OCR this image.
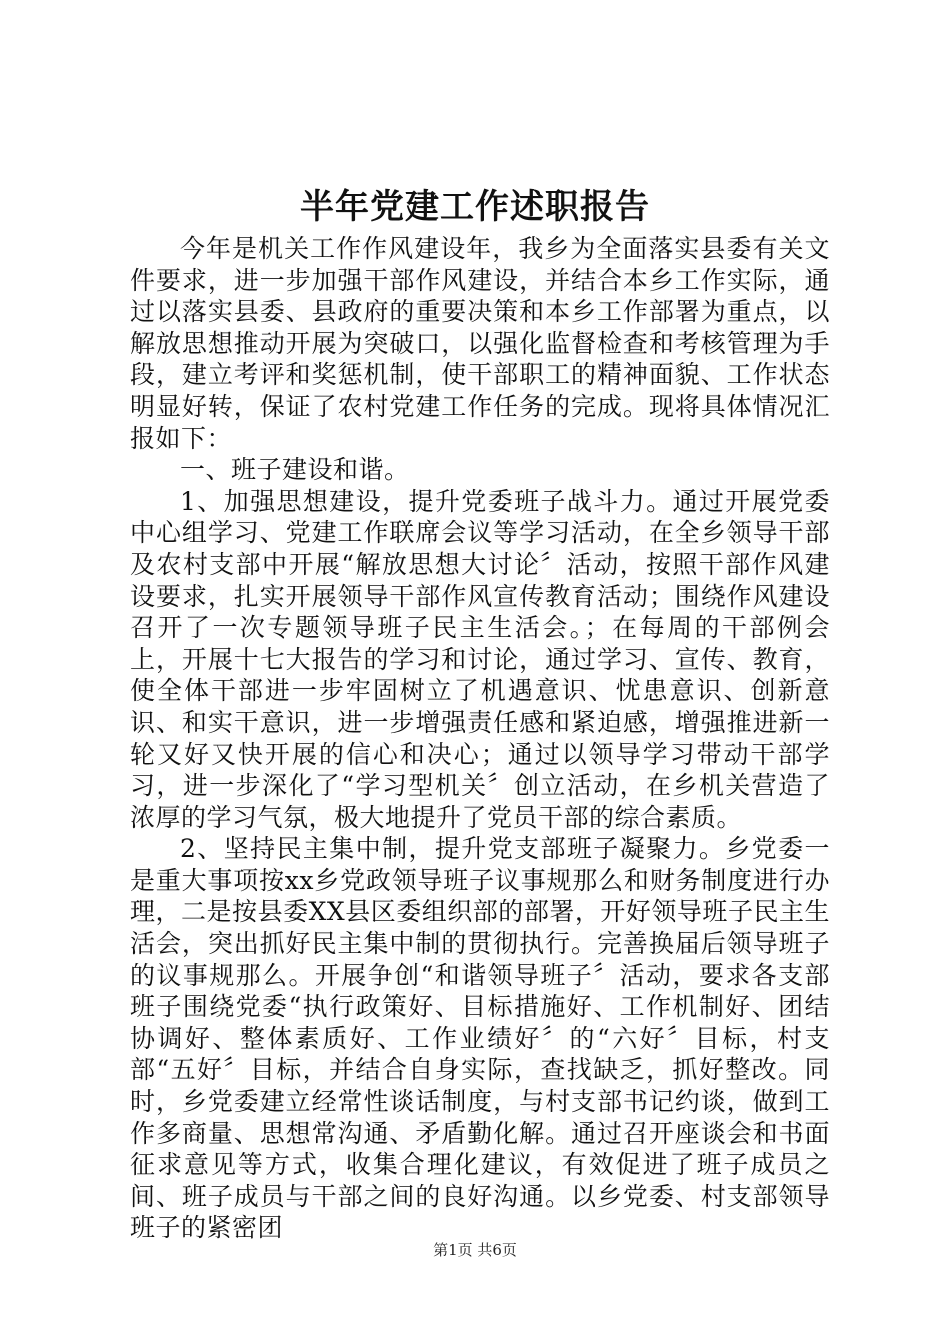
半年党建工作述职报告

今年是机关工作作风建设年，我乡为全面落实县委有关文件要求，进一步加强干部作风建设，并结合本乡工作实际，通过以落实县委、县政府的重要决策和本乡工作部署为重点，以解放思想推动开展为突破口，以强化监督检查和考核管理为手段，建立考评和奖惩机制，使干部职工的精神面貌、工作状态明显好转，保证了农村党建工作任务的完成。现将具体情况汇报如下：

一、班子建设和谐。

1、加强思想建设，提升党委班子战斗力。通过开展党委中心组学习、党建工作联席会议等学习活动，在全乡领导干部及农村支部中开展“解放思想大讨论〞活动，按照干部作风建设要求，扎实开展领导干部作风宣传教育活动；围绕作风建设召开了一次专题领导班子民主生活会。；在每周的干部例会上，开展十七大报告的学习和讨论，通过学习、宣传、教育，使全体干部进一步牢固树立了机遇意识、忧患意识、创新意识、和实干意识，进一步增强责任感和紧迫感，增强推进新一轮又好又快开展的信心和决心；通过以领导学习带动干部学习，进一步深化了“学习型机关〞创立活动，在乡机关营造了浓厚的学习气氛，极大地提升了党员干部的综合素质。

2、坚持民主集中制，提升党支部班子凝聚力。乡党委一是重大事项按xx乡党政领导班子议事规那么和财务制度进行办理，二是按县委XX县区委组织部的部署，开好领导班子民主生活会，突出抓好民主集中制的贯彻执行。完善换届后领导班子的议事规那么。开展争创“和谐领导班子〞活动，要求各支部班子围绕党委“执行政策好、目标措施好、工作机制好、团结协调好、整体素质好、工作业绩好〞的“六好〞目标，村支部“五好〞目标，并结合自身实际，查找缺乏，抓好整改。同时，乡党委建立经常性谈话制度，与村支部书记约谈，做到工作多商量、思想常沟通、矛盾勤化解。通过召开座谈会和书面征求意见等方式，收集合理化建议，有效促进了班子成员之间、班子成员与干部之间的良好沟通。以乡党委、村支部领导班子的紧密团

第1页 共6页
